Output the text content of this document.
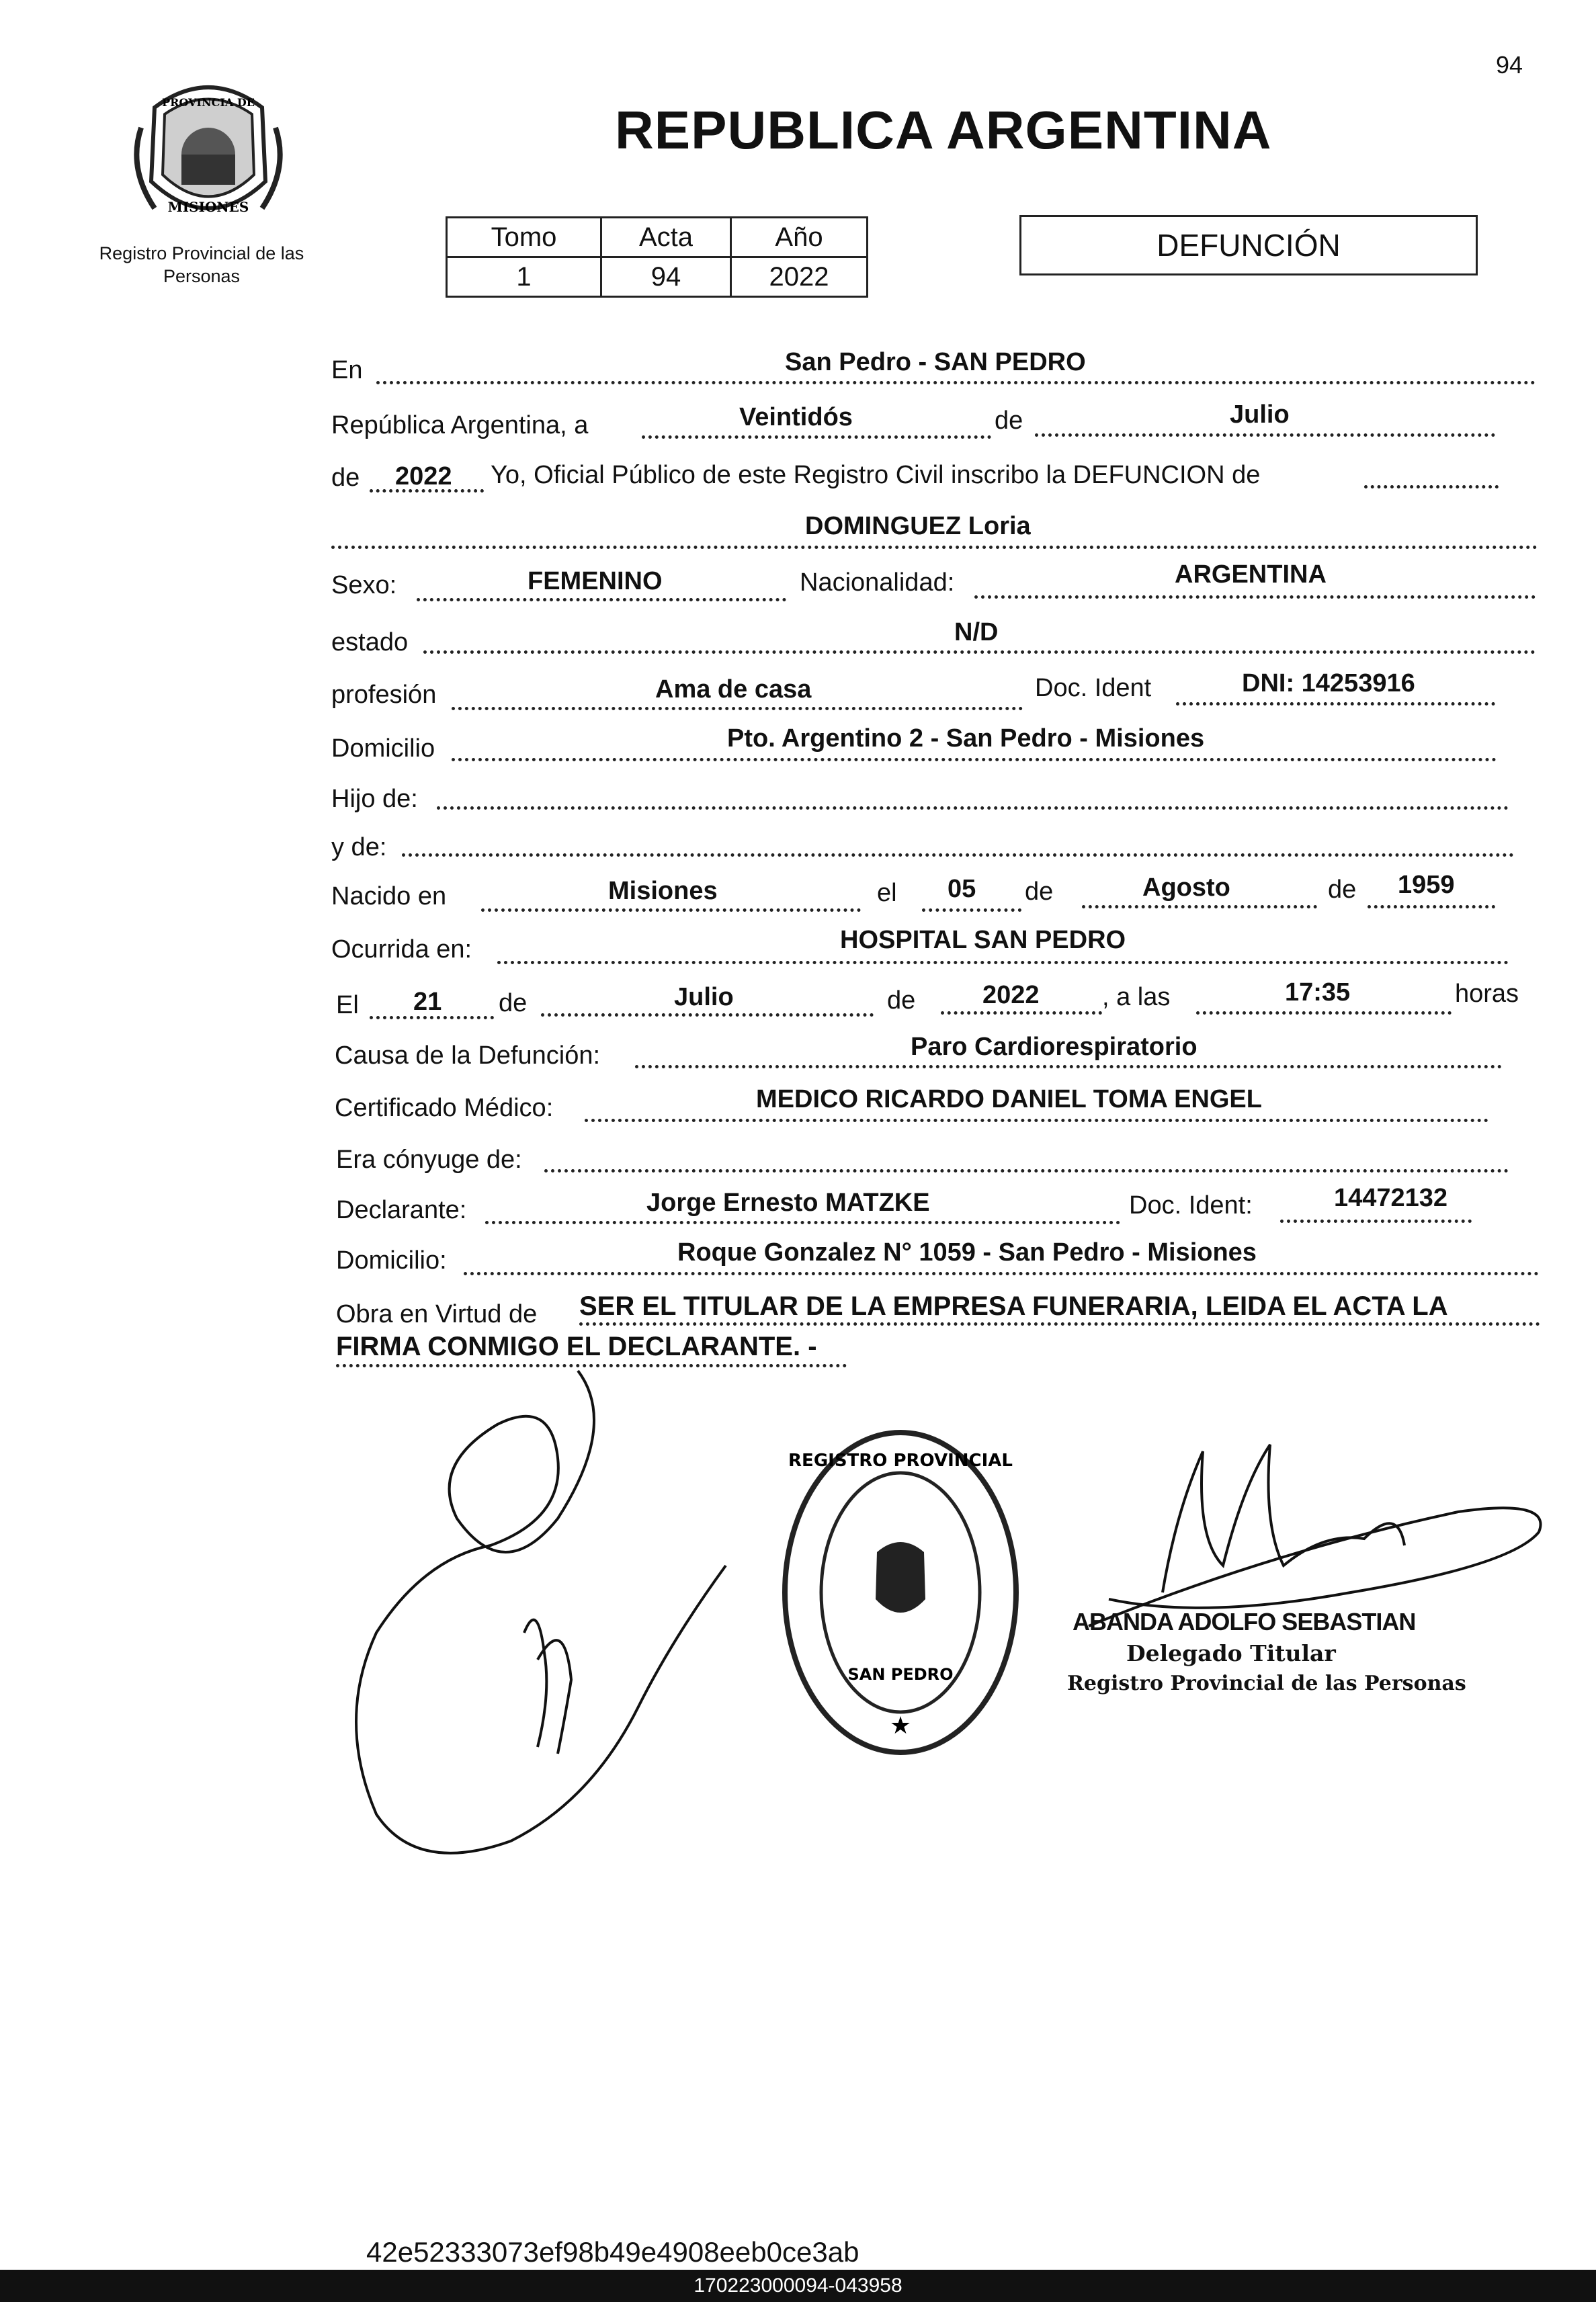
94
PROVINCIA DE
MISIONES
Registro Provincial de las Personas
REPUBLICA ARGENTINA
Tomo	Acta	Año
1	94	2022
DEFUNCIÓN
En	San Pedro - SAN PEDRO
República Argentina, a	Veintidós	de	Julio
de 2022 Yo, Oficial Público de este Registro Civil inscribo la DEFUNCION de
DOMINGUEZ Loria
Sexo:	FEMENINO	Nacionalidad:	ARGENTINA
estado	N/D
profesión	Ama de casa	Doc. Ident	DNI: 14253916
Domicilio	Pto. Argentino 2 - San Pedro - Misiones
Hijo de:
y de:
Nacido en	Misiones	el 05 de	Agosto	de 1959
Ocurrida en:	HOSPITAL SAN PEDRO
El 21 de	Julio	de	2022 , a las	17:35	horas
Causa de la Defunción:	Paro Cardiorespiratorio
Certificado Médico:	MEDICO RICARDO DANIEL TOMA ENGEL
Era cónyuge de:
Declarante:	Jorge Ernesto MATZKE	Doc. Ident:	14472132
Domicilio:	Roque Gonzalez N° 1059 - San Pedro - Misiones
Obra en Virtud de SER EL TITULAR DE LA EMPRESA FUNERARIA, LEIDA EL ACTA LA
FIRMA CONMIGO EL DECLARANTE. -
REGISTRO PROVINCIAL
SAN PEDRO
★
ABANDA ADOLFO SEBASTIAN
Delegado Titular
Registro Provincial de las Personas
42e52333073ef98b49e4908eeb0ce3ab
170223000094-043958
